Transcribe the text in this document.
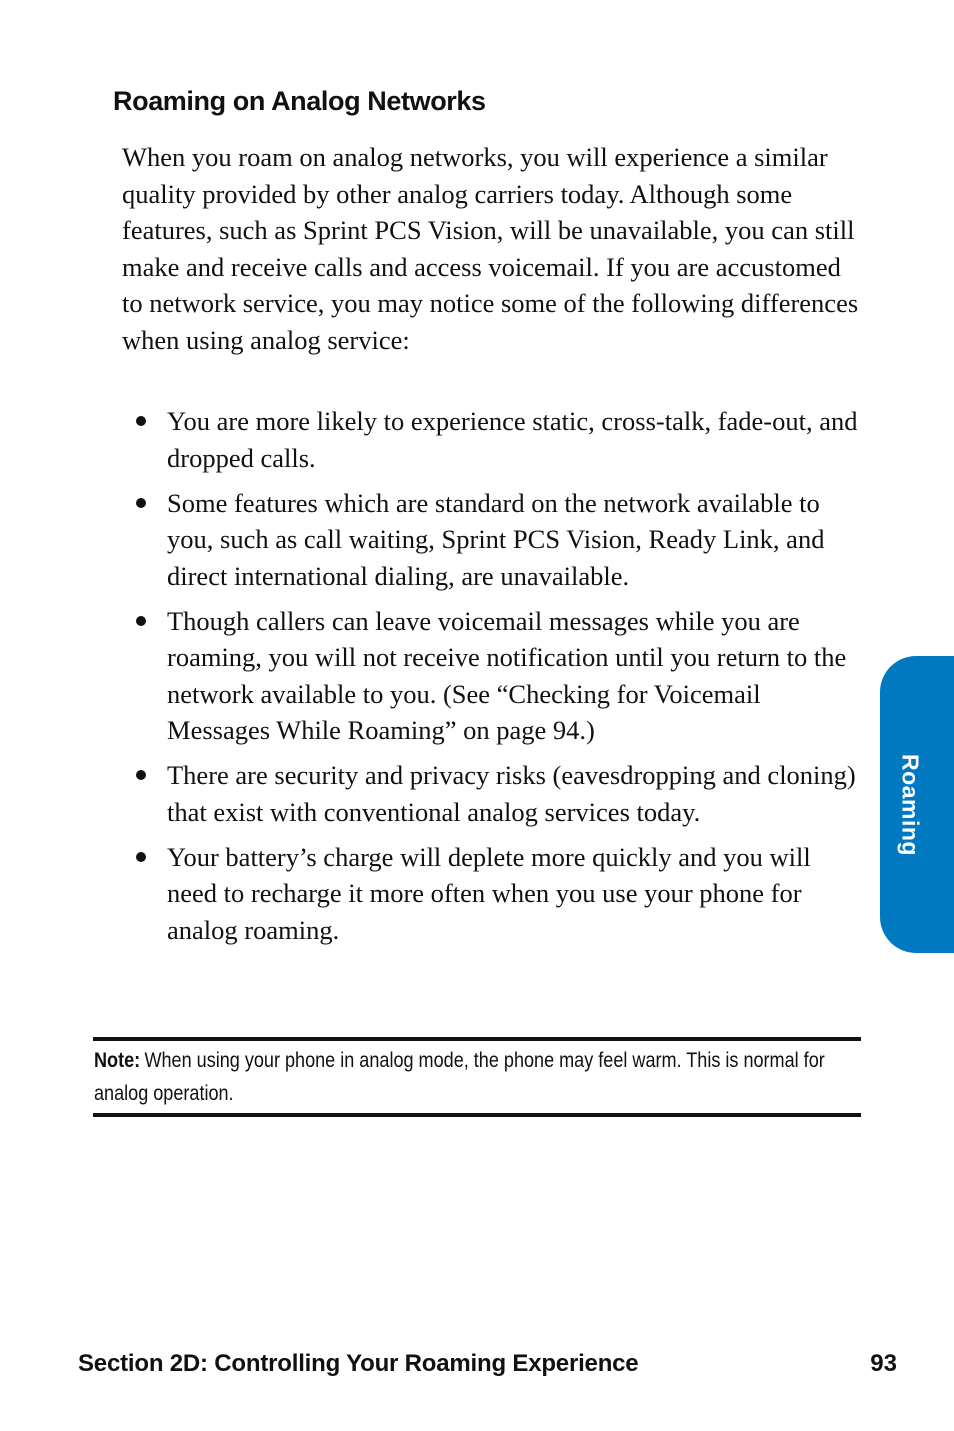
Roaming on Analog Networks

When you roam on analog networks, you will experience a similar quality provided by other analog carriers today. Although some features, such as Sprint PCS Vision, will be unavailable, you can still make and receive calls and access voicemail. If you are accustomed to network service, you may notice some of the following differences when using analog service:

You are more likely to experience static, cross-talk, fade-out, and dropped calls.
Some features which are standard on the network available to you, such as call waiting, Sprint PCS Vision, Ready Link, and direct international dialing, are unavailable.
Though callers can leave voicemail messages while you are roaming, you will not receive notification until you return to the network available to you. (See “Checking for Voicemail Messages While Roaming” on page 94.)
There are security and privacy risks (eavesdropping and cloning) that exist with conventional analog services today.
Your battery’s charge will deplete more quickly and you will need to recharge it more often when you use your phone for analog roaming.
Note: When using your phone in analog mode, the phone may feel warm. This is normal for analog operation.
Roaming
Section 2D: Controlling Your Roaming Experience	93
